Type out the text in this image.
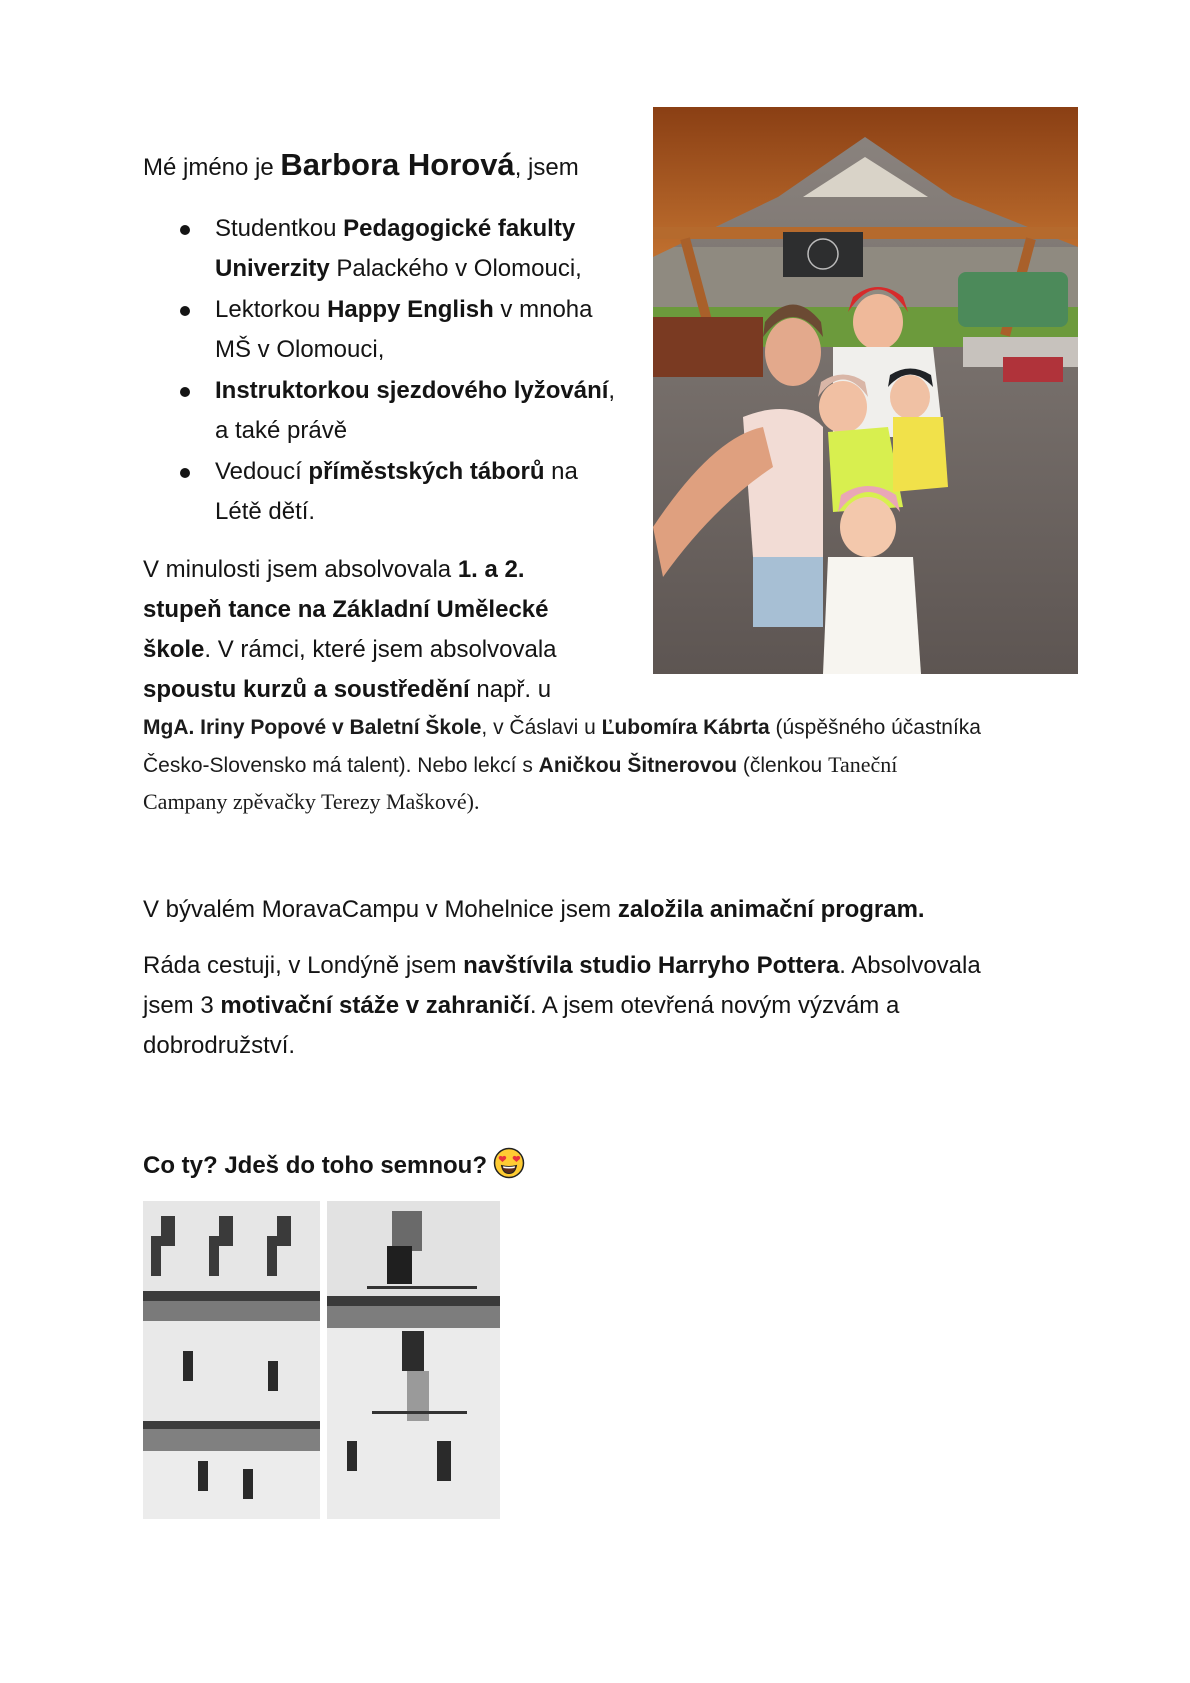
Mé jméno je Barbora Horová, jsem
Studentkou Pedagogické fakulty
Univerzity Palackého v Olomouci,
Lektorkou Happy English v mnoha
MŠ v Olomouci,
Instruktorkou sjezdového lyžování,
a také právě
Vedoucí příměstských táborů na
Létě dětí.
V minulosti jsem absolvovala 1. a 2.
stupeň tance na Základní Umělecké
škole. V rámci, které jsem absolvovala
spoustu kurzů a soustředění např. u
MgA. Iriny Popové v Baletní Škole, v Čáslavi u Ľubomíra Kábrta (úspěšného účastníka
Česko-Slovensko má talent). Nebo lekcí s Aničkou Šitnerovou (členkou Taneční
Campany zpěvačky Terezy Maškové).
V bývalém MoravaCampu v Mohelnice jsem založila animační program.
Ráda cestuji, v Londýně jsem navštívila studio Harryho Pottera. Absolvovala
jsem 3 motivační stáže v zahraničí. A jsem otevřená novým výzvám a
dobrodružství.
Co ty? Jdeš do toho semnou?
